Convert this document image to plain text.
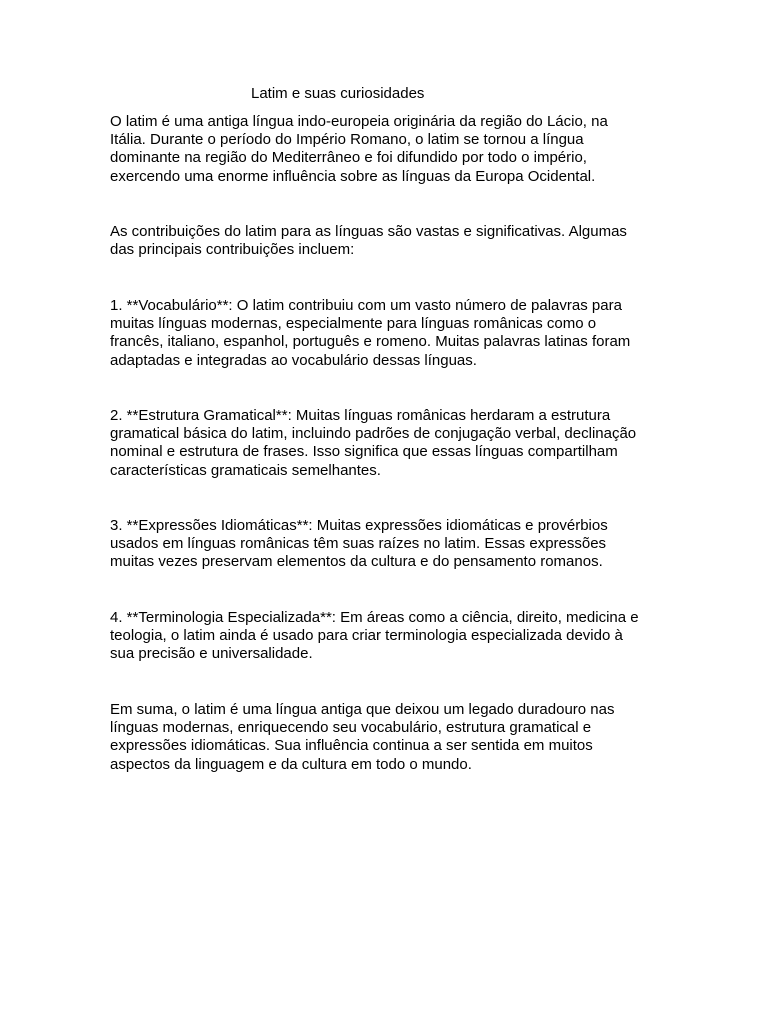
Latim e suas curiosidades

O latim é uma antiga língua indo-europeia originária da região do Lácio, na
Itália. Durante o período do Império Romano, o latim se tornou a língua
dominante na região do Mediterrâneo e foi difundido por todo o império,
exercendo uma enorme influência sobre as línguas da Europa Ocidental.

As contribuições do latim para as línguas são vastas e significativas. Algumas
das principais contribuições incluem:

1. **Vocabulário**: O latim contribuiu com um vasto número de palavras para
muitas línguas modernas, especialmente para línguas românicas como o
francês, italiano, espanhol, português e romeno. Muitas palavras latinas foram
adaptadas e integradas ao vocabulário dessas línguas.

2. **Estrutura Gramatical**: Muitas línguas românicas herdaram a estrutura
gramatical básica do latim, incluindo padrões de conjugação verbal, declinação
nominal e estrutura de frases. Isso significa que essas línguas compartilham
características gramaticais semelhantes.

3. **Expressões Idiomáticas**: Muitas expressões idiomáticas e provérbios
usados em línguas românicas têm suas raízes no latim. Essas expressões
muitas vezes preservam elementos da cultura e do pensamento romanos.

4. **Terminologia Especializada**: Em áreas como a ciência, direito, medicina e
teologia, o latim ainda é usado para criar terminologia especializada devido à
sua precisão e universalidade.

Em suma, o latim é uma língua antiga que deixou um legado duradouro nas
línguas modernas, enriquecendo seu vocabulário, estrutura gramatical e
expressões idiomáticas. Sua influência continua a ser sentida em muitos
aspectos da linguagem e da cultura em todo o mundo.
